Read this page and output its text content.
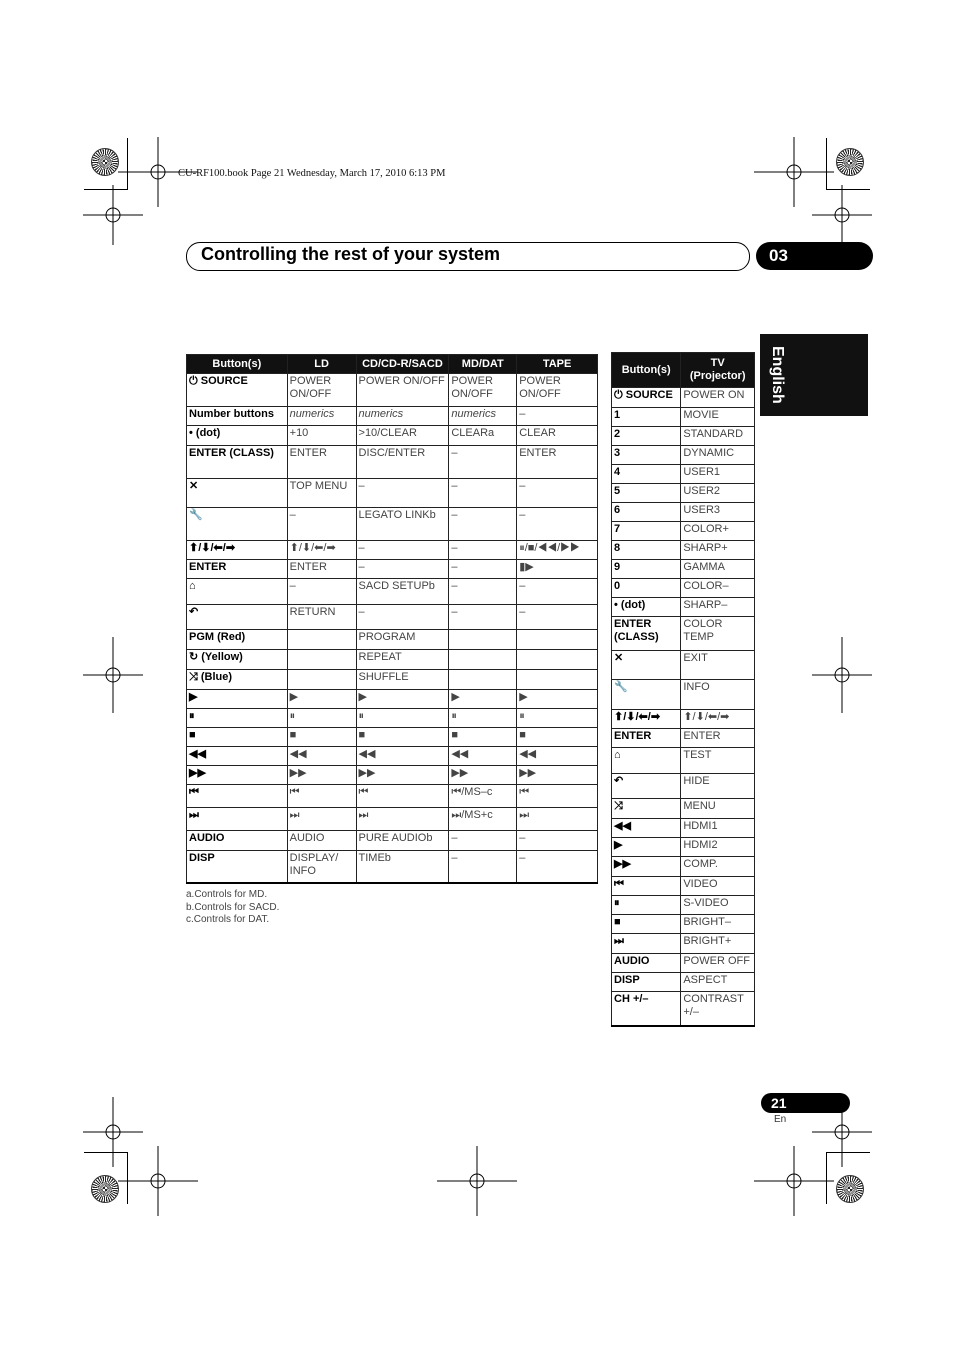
CU-RF100.book Page 21 Wednesday, March 17, 2010 6:13 PM
Controlling the rest of your system	03
English
Button(s)	LD	CD/CD-R/SACD	MD/DAT	TAPE
⏻ SOURCE	POWER ON/OFF	POWER ON/OFF	POWER ON/OFF	POWER ON/OFF
Number buttons	numerics	numerics	numerics	–
• (dot)	+10	>10/CLEAR	CLEARa	CLEAR
ENTER (CLASS)	ENTER	DISC/ENTER	–	ENTER
✕	TOP MENU	–	–	–
🔧	–	LEGATO LINKb	–	–
⬆/⬇/⬅/➡	⬆/⬇/⬅/➡	–	–	⏸/■/◀◀/▶▶
ENTER	ENTER	–	–	▮▶
⌂	–	SACD SETUPb	–	–
↶	RETURN	–	–	–
PGM (Red)		PROGRAM		
↻ (Yellow)		REPEAT		
⤨ (Blue)		SHUFFLE		
▶	▶	▶	▶	▶
⏸	⏸	⏸	⏸	⏸
■	■	■	■	■
◀◀	◀◀	◀◀	◀◀	◀◀
▶▶	▶▶	▶▶	▶▶	▶▶
⏮	⏮	⏮	⏮/MS–c	⏮
⏭	⏭	⏭	⏭/MS+c	⏭
AUDIO	AUDIO	PURE AUDIOb	–	–
DISP	DISPLAY/ INFO	TIMEb	–	–
a.Controls for MD.
b.Controls for SACD.
c.Controls for DAT.
Button(s)	TV (Projector)
⏻ SOURCE	POWER ON
1	MOVIE
2	STANDARD
3	DYNAMIC
4	USER1
5	USER2
6	USER3
7	COLOR+
8	SHARP+
9	GAMMA
0	COLOR–
• (dot)	SHARP–
ENTER (CLASS)	COLOR TEMP
✕	EXIT
🔧	INFO
⬆/⬇/⬅/➡	⬆/⬇/⬅/➡
ENTER	ENTER
⌂	TEST
↶	HIDE
⤨	MENU
◀◀	HDMI1
▶	HDMI2
▶▶	COMP.
⏮	VIDEO
⏸	S-VIDEO
■	BRIGHT–
⏭	BRIGHT+
AUDIO	POWER OFF
DISP	ASPECT
CH +/–	CONTRAST +/–
21
En
